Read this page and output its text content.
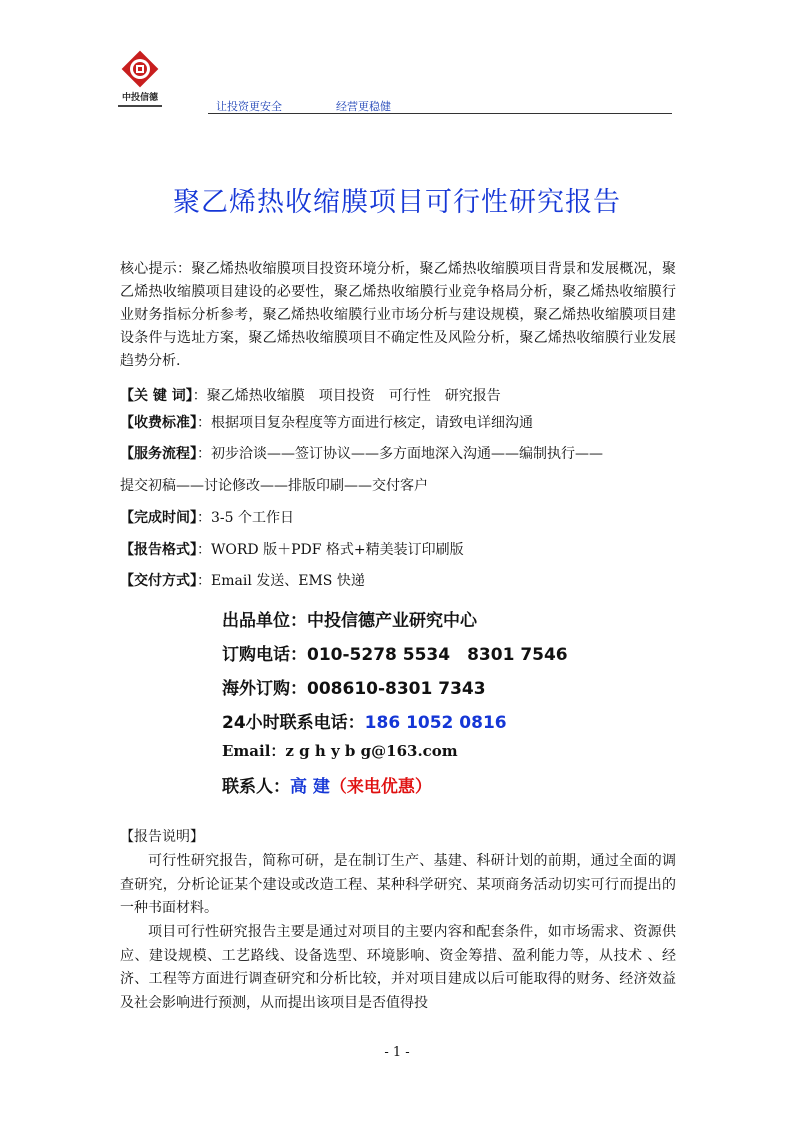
中投信德
让投资更安全	经营更稳健
聚乙烯热收缩膜项目可行性研究报告
核心提示：聚乙烯热收缩膜项目投资环境分析，聚乙烯热收缩膜项目背景和发展概况，聚乙烯热收缩膜项目建设的必要性，聚乙烯热收缩膜行业竞争格局分析，聚乙烯热收缩膜行业财务指标分析参考，聚乙烯热收缩膜行业市场分析与建设规模，聚乙烯热收缩膜项目建设条件与选址方案，聚乙烯热收缩膜项目不确定性及风险分析，聚乙烯热收缩膜行业发展趋势分析.
【关 键 词】：聚乙烯热收缩膜　项目投资　可行性　研究报告
【收费标准】：根据项目复杂程度等方面进行核定，请致电详细沟通
【服务流程】：初步洽谈——签订协议——多方面地深入沟通——编制执行——
提交初稿——讨论修改——排版印刷——交付客户
【完成时间】：3-5 个工作日
【报告格式】：WORD 版＋PDF 格式+精美装订印刷版
【交付方式】：Email 发送、EMS 快递
出品单位：中投信德产业研究中心
订购电话：010-5278 5534　8301 7546
海外订购：008610-8301 7343
24小时联系电话：186 1052 0816
Email：z g h y b g@163.com
联系人：高 建（来电优惠）
【报告说明】
可行性研究报告，简称可研，是在制订生产、基建、科研计划的前期，通过全面的调查研究，分析论证某个建设或改造工程、某种科学研究、某项商务活动切实可行而提出的一种书面材料。
项目可行性研究报告主要是通过对项目的主要内容和配套条件，如市场需求、资源供应、建设规模、工艺路线、设备选型、环境影响、资金筹措、盈利能力等，从技术 、经济、工程等方面进行调查研究和分析比较，并对项目建成以后可能取得的财务、经济效益及社会影响进行预测，从而提出该项目是否值得投
- 1 -
